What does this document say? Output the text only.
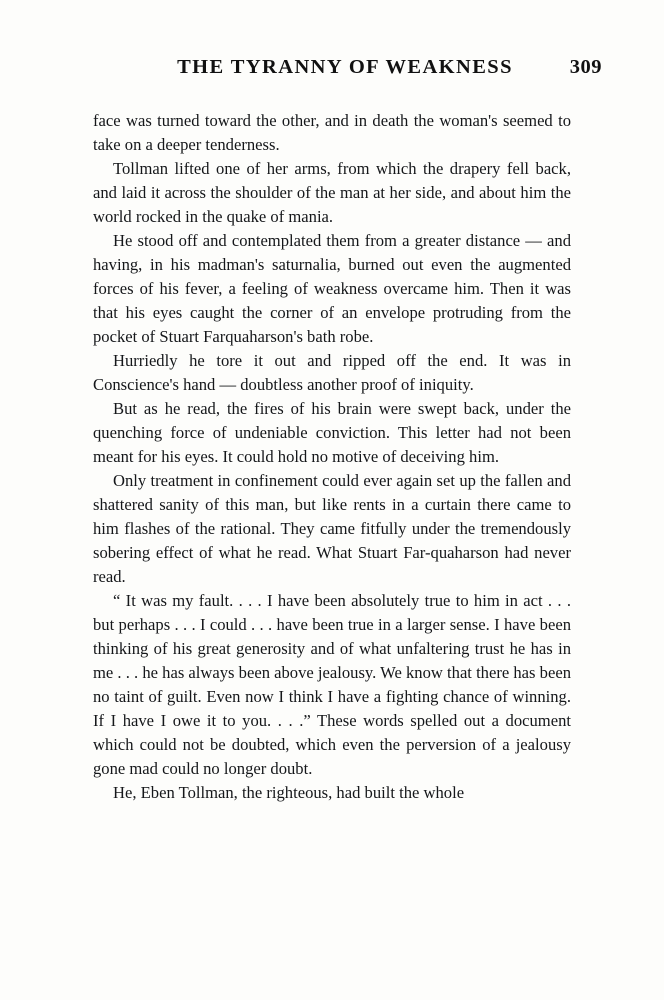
THE TYRANNY OF WEAKNESS	309

face was turned toward the other, and in death the woman's seemed to take on a deeper tenderness.

Tollman lifted one of her arms, from which the drapery fell back, and laid it across the shoulder of the man at her side, and about him the world rocked in the quake of mania.

He stood off and contemplated them from a greater distance — and having, in his madman's saturnalia, burned out even the augmented forces of his fever, a feeling of weakness overcame him. Then it was that his eyes caught the corner of an envelope protruding from the pocket of Stuart Farquaharson's bath robe.

Hurriedly he tore it out and ripped off the end. It was in Conscience's hand — doubtless another proof of iniquity.

But as he read, the fires of his brain were swept back, under the quenching force of undeniable conviction. This letter had not been meant for his eyes. It could hold no motive of deceiving him.

Only treatment in confinement could ever again set up the fallen and shattered sanity of this man, but like rents in a curtain there came to him flashes of the rational. They came fitfully under the tremendously sobering effect of what he read. What Stuart Far-quaharson had never read.

“ It was my fault. . . . I have been absolutely true to him in act . . . but perhaps . . . I could . . . have been true in a larger sense. I have been thinking of his great generosity and of what unfaltering trust he has in me . . . he has always been above jealousy. We know that there has been no taint of guilt. Even now I think I have a fighting chance of winning. If I have I owe it to you. . . .” These words spelled out a document which could not be doubted, which even the perversion of a jealousy gone mad could no longer doubt.

He, Eben Tollman, the righteous, had built the whole
